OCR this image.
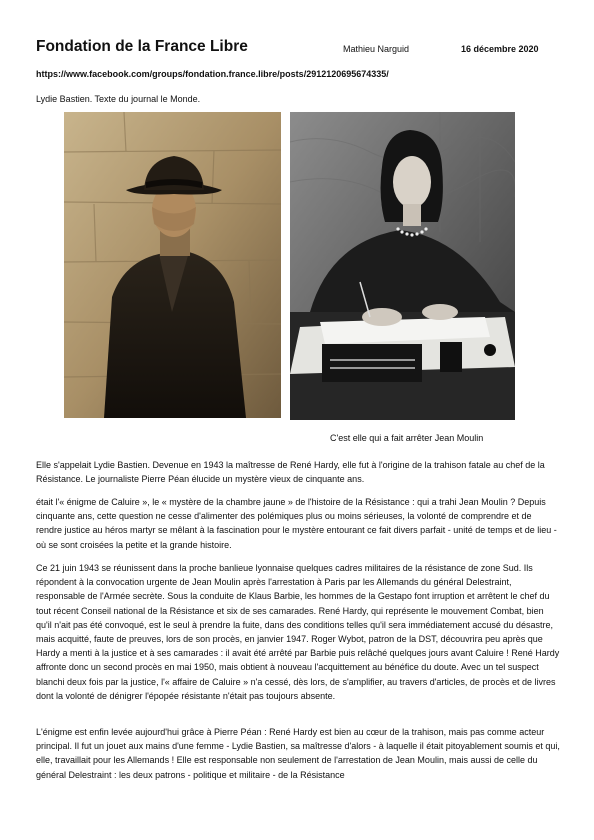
Fondation de la France Libre	Mathieu Narguid	16 décembre 2020
https://www.facebook.com/groups/fondation.france.libre/posts/2912120695674335/
Lydie Bastien. Texte du journal le Monde.
C'est elle qui a fait arrêter Jean Moulin

Elle s'appelait Lydie Bastien. Devenue en 1943 la maîtresse de René Hardy, elle fut à l'origine de la trahison fatale au chef de la Résistance. Le journaliste Pierre Péan élucide un mystère vieux de cinquante ans.

était l'« énigme de Caluire », le « mystère de la chambre jaune » de l'histoire de la Résistance : qui a trahi Jean Moulin ? Depuis cinquante ans, cette question ne cesse d'alimenter des polémiques plus ou moins sérieuses, la volonté de comprendre et de rendre justice au héros martyr se mêlant à la fascination pour le mystère entourant ce fait divers parfait - unité de temps et de lieu - où se sont croisées la petite et la grande histoire.

Ce 21 juin 1943 se réunissent dans la proche banlieue lyonnaise quelques cadres militaires de la résistance de zone Sud. Ils répondent à la convocation urgente de Jean Moulin après l'arrestation à Paris par les Allemands du général Delestraint, responsable de l'Armée secrète. Sous la conduite de Klaus Barbie, les hommes de la Gestapo font irruption et arrêtent le chef du tout récent Conseil national de la Résistance et six de ses camarades. René Hardy, qui représente le mouvement Combat, bien qu'il n'ait pas été convoqué, est le seul à prendre la fuite, dans des conditions telles qu'il sera immédiatement accusé du désastre, mais acquitté, faute de preuves, lors de son procès, en janvier 1947. Roger Wybot, patron de la DST, découvrira peu après que Hardy a menti à la justice et à ses camarades : il avait été arrêté par Barbie puis relâché quelques jours avant Caluire ! René Hardy affronte donc un second procès en mai 1950, mais obtient à nouveau l'acquittement au bénéfice du doute. Avec un tel suspect blanchi deux fois par la justice, l'« affaire de Caluire » n'a cessé, dès lors, de s'amplifier, au travers d'articles, de procès et de livres dont la volonté de dénigrer l'épopée résistante n'était pas toujours absente.

L'énigme est enfin levée aujourd'hui grâce à Pierre Péan : René Hardy est bien au cœur de la trahison, mais pas comme acteur principal. Il fut un jouet aux mains d'une femme - Lydie Bastien, sa maîtresse d'alors - à laquelle il était pitoyablement soumis et qui, elle, travaillait pour les Allemands ! Elle est responsable non seulement de l'arrestation de Jean Moulin, mais aussi de celle du général Delestraint : les deux patrons - politique et militaire - de la Résistance
